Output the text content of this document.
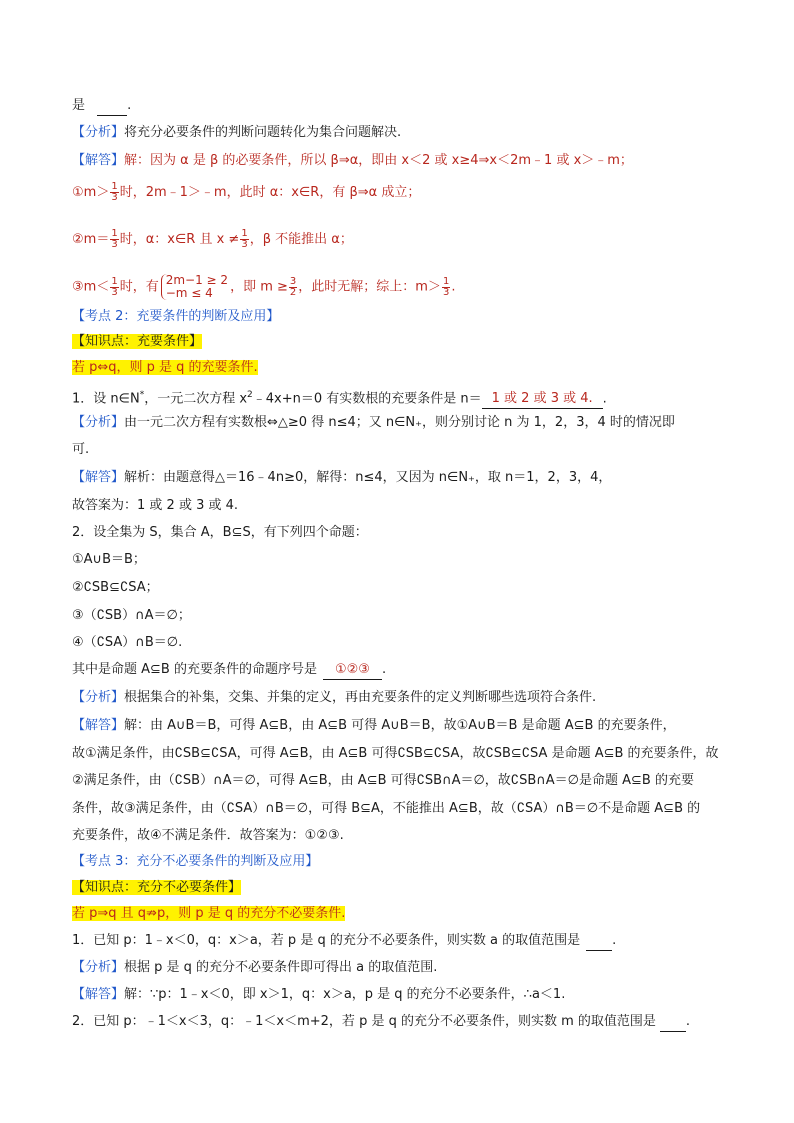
是	.
【分析】将充分必要条件的判断问题转化为集合问题解决.
【解答】解：因为 α 是 β 的必要条件，所以 β⇒α，即由 x＜2 或 x≥4⇒x＜2m﹣1 或 x＞﹣m；
①m＞ $\frac{1}{3}$ 时，2m﹣1＞﹣m，此时 α：x∈R，有 β⇒α 成立；
②m＝ $\frac{1}{3}$ 时，α：x∈R 且 $x \ne \frac{1}{3}$ ，β 不能推出 α；
③m＜ $\frac{1}{3}$ 时，有 2m−1 ≥ 2
−m ≤ 4	，即 $m \ge \frac{3}{2}$ ，此时无解；综上：$m> \frac{1}{3}$ .
【考点 2：充要条件的判断及应用】
【知识点：充要条件】
若 p⇔q，则 p 是 q 的充要条件.
1．设 n∈N*，一元二次方程 $x^2﹣4x+n=0$ 有实数根的充要条件是 n＝ 1 或 2 或 3 或 4. .
【分析】由一元二次方程有实数根⇔△≥0 得 n≤4；又 n∈N₊，则分别讨论 n 为 1，2，3，4 时的情况即
可.
【解答】解析：由题意得△＝16﹣4n≥0，解得：n≤4，又因为 n∈N₊，取 n＝1，2，3，4，
故答案为：1 或 2 或 3 或 4.
2．设全集为 S，集合 A，B⊆S，有下列四个命题：
①A∪B＝B；
②∁SB⊆∁SA；
③（∁SB）∩A＝∅；
④（∁SA）∩B＝∅.
其中是命题 A⊆B 的充要条件的命题序号是 ①②③ .
【分析】根据集合的补集，交集、并集的定义，再由充要条件的定义判断哪些选项符合条件.
【解答】解：由 A∪B＝B，可得 A⊆B，由 A⊆B 可得 A∪B＝B，故①A∪B＝B 是命题 A⊆B 的充要条件，
故①满足条件，由∁SB⊆∁SA，可得 A⊆B，由 A⊆B 可得∁SB⊆∁SA，故∁SB⊆∁SA 是命题 A⊆B 的充要条件，故
②满足条件，由（∁SB）∩A＝∅，可得 A⊆B，由 A⊆B 可得∁SB∩A＝∅，故∁SB∩A＝∅是命题 A⊆B 的充要
条件，故③满足条件，由（∁SA）∩B＝∅，可得 B⊆A，不能推出 A⊆B，故（∁SA）∩B＝∅不是命题 A⊆B 的
充要条件，故④不满足条件．故答案为：①②③.
【考点 3：充分不必要条件的判断及应用】
【知识点：充分不必要条件】
若 p⇒q 且 q⇏p，则 p 是 q 的充分不必要条件.
1．已知 p：1﹣x＜0，q：x＞a，若 p 是 q 的充分不必要条件，则实数 a 的取值范围是 .
【分析】根据 p 是 q 的充分不必要条件即可得出 a 的取值范围.
【解答】解：∵p：1﹣x＜0，即 x＞1，q：x＞a，p 是 q 的充分不必要条件，∴a＜1.
2．已知 p：﹣1＜x＜3，q：﹣1＜x＜m+2，若 p 是 q 的充分不必要条件，则实数 m 的取值范围是 .
